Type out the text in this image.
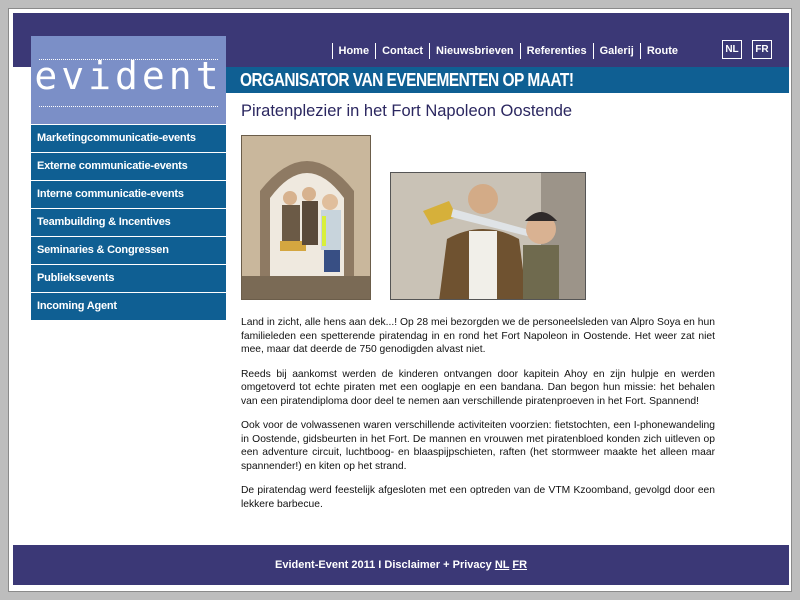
ORGANISATOR VAN EVENEMENTEN OP MAAT!
evident
Home	Contact	Nieuwsbrieven	Referenties	Galerij	Route	NL	FR
Marketingcommunicatie-events
Externe communicatie-events
Interne communicatie-events
Teambuilding & Incentives
Seminaries & Congressen
Publieksevents
Incoming Agent
Piratenplezier in het Fort Napoleon Oostende

Land in zicht, alle hens aan dek...! Op 28 mei bezorgden we de personeelsleden van Alpro Soya en hun familieleden een spetterende piratendag in en rond het Fort Napoleon in Oostende. Het weer zat niet mee, maar dat deerde de 750 genodigden alvast niet.

Reeds bij aankomst werden de kinderen ontvangen door kapitein Ahoy en zijn hulpje en werden omgetoverd tot echte piraten met een ooglapje en een bandana. Dan begon hun missie: het behalen van een piratendiploma door deel te nemen aan verschillende piratenproeven in het Fort. Spannend!

Ook voor de volwassenen waren verschillende activiteiten voorzien: fietstochten, een I-phonewandeling in Oostende, gidsbeurten in het Fort. De mannen en vrouwen met piratenbloed konden zich uitleven op een adventure circuit, luchtboog- en blaaspijpschieten, raften (het stormweer maakte het alleen maar spannender!) en kiten op het strand.

De piratendag werd feestelijk afgesloten met een optreden van de VTM Kzoomband, gevolgd door een lekkere barbecue.

Evident-Event 2011 I Disclaimer + Privacy NL FR
